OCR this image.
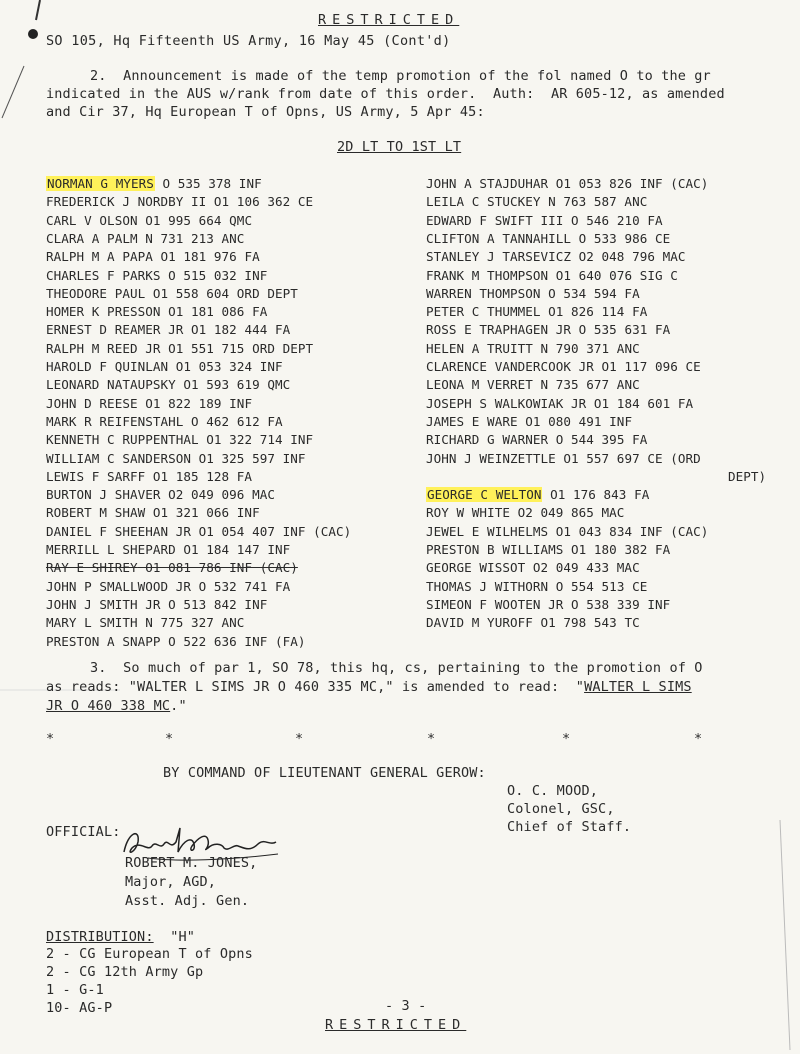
RESTRICTED
SO 105, Hq Fifteenth US Army, 16 May 45 (Cont'd)
2.  Announcement is made of the temp promotion of the fol named O to the gr
indicated in the AUS w/rank from date of this order.  Auth:  AR 605-12, as amended
and Cir 37, Hq European T of Opns, US Army, 5 Apr 45:
2D LT TO 1ST LT
NORMAN G MYERS O 535 378 INF
FREDERICK J NORDBY II O1 106 362 CE
CARL V OLSON O1 995 664 QMC
CLARA A PALM N 731 213 ANC
RALPH M A PAPA O1 181 976 FA
CHARLES F PARKS O 515 032 INF
THEODORE PAUL O1 558 604 ORD DEPT
HOMER K PRESSON O1 181 086 FA
ERNEST D REAMER JR O1 182 444 FA
RALPH M REED JR O1 551 715 ORD DEPT
HAROLD F QUINLAN O1 053 324 INF
LEONARD NATAUPSKY O1 593 619 QMC
JOHN D REESE O1 822 189 INF
MARK R REIFENSTAHL O 462 612 FA
KENNETH C RUPPENTHAL O1 322 714 INF
WILLIAM C SANDERSON O1 325 597 INF
LEWIS F SARFF O1 185 128 FA
BURTON J SHAVER O2 049 096 MAC
ROBERT M SHAW O1 321 066 INF
DANIEL F SHEEHAN JR O1 054 407 INF (CAC)
MERRILL L SHEPARD O1 184 147 INF
RAY E SHIREY O1 081 786 INF (CAC)
JOHN P SMALLWOOD JR O 532 741 FA
JOHN J SMITH JR O 513 842 INF
MARY L SMITH N 775 327 ANC
PRESTON A SNAPP O 522 636 INF (FA)
JOHN A STAJDUHAR O1 053 826 INF (CAC)
LEILA C STUCKEY N 763 587 ANC
EDWARD F SWIFT III O 546 210 FA
CLIFTON A TANNAHILL O 533 986 CE
STANLEY J TARSEVICZ O2 048 796 MAC
FRANK M THOMPSON O1 640 076 SIG C
WARREN THOMPSON O 534 594 FA
PETER C THUMMEL O1 826 114 FA
ROSS E TRAPHAGEN JR O 535 631 FA
HELEN A TRUITT N 790 371 ANC
CLARENCE VANDERCOOK JR O1 117 096 CE
LEONA M VERRET N 735 677 ANC
JOSEPH S WALKOWIAK JR O1 184 601 FA
JAMES E WARE O1 080 491 INF
RICHARD G WARNER O 544 395 FA
JOHN J WEINZETTLE O1 557 697 CE (ORD
DEPT)
GEORGE C WELTON O1 176 843 FA
ROY W WHITE O2 049 865 MAC
JEWEL E WILHELMS O1 043 834 INF (CAC)
PRESTON B WILLIAMS O1 180 382 FA
GEORGE WISSOT O2 049 433 MAC
THOMAS J WITHORN O 554 513 CE
SIMEON F WOOTEN JR O 538 339 INF
DAVID M YUROFF O1 798 543 TC
3.  So much of par 1, SO 78, this hq, cs, pertaining to the promotion of O
as reads: "WALTER L SIMS JR O 460 335 MC," is amended to read:  "WALTER L SIMS
JR O 460 338 MC."
*	*	*	*	*	*
BY COMMAND OF LIEUTENANT GENERAL GEROW:
O. C. MOOD,
Colonel, GSC,
Chief of Staff.
OFFICIAL:
ROBERT M. JONES,
Major, AGD,
Asst. Adj. Gen.
DISTRIBUTION: "H"
2 - CG European T of Opns
2 - CG 12th Army Gp
1 - G-1
10- AG-P	- 3 -
RESTRICTED
